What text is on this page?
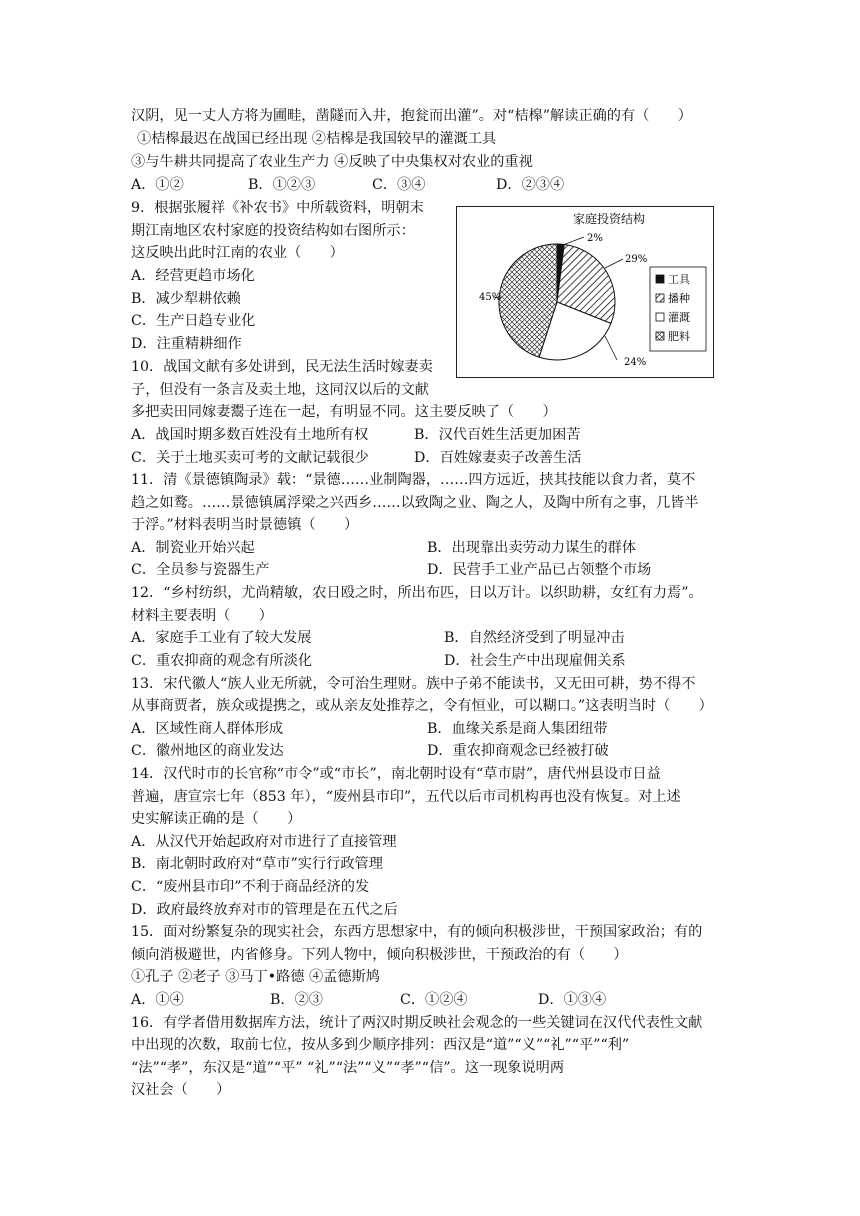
汉阴，见一丈人方将为圃畦，凿隧而入井，抱瓮而出灌”。对“桔槔”解读正确的有（　　）
①桔槔最迟在战国已经出现 ②桔槔是我国较早的灌溉工具
③与牛耕共同提高了农业生产力 ④反映了中央集权对农业的重视
A．①②	B．①②③	C．③④	D．②③④
9．根据张履祥《补农书》中所载资料，明朝末
期江南地区农村家庭的投资结构如右图所示：
这反映出此时江南的农业（　　）
A．经营更趋市场化
B．减少犁耕依赖
C．生产日趋专业化
D．注重精耕细作
家庭投资结构
2%
29%
24%
45%
工具
播种
灌溉
肥料
10．战国文献有多处讲到，民无法生活时嫁妻卖
子，但没有一条言及卖土地，这同汉以后的文献
多把卖田同嫁妻鬻子连在一起，有明显不同。这主要反映了（　　）
A．战国时期多数百姓没有土地所有权	B．汉代百姓生活更加困苦
C．关于土地买卖可考的文献记载很少	D．百姓嫁妻卖子改善生活
11．清《景德镇陶录》载：“景德……业制陶器，……四方远近，挟其技能以食力者，莫不
趋之如鹜。……景德镇属浮梁之兴西乡……以致陶之业、陶之人，及陶中所有之事，几皆半
于浮。”材料表明当时景德镇（　　）
A．制瓷业开始兴起	B．出现靠出卖劳动力谋生的群体
C．全员参与瓷器生产	D．民营手工业产品已占领整个市场
12．“乡村纺织，尤尚精敏，农日殴之时，所出布匹，日以万计。以织助耕，女红有力焉”。
材料主要表明（　　）
A．家庭手工业有了较大发展	B．自然经济受到了明显冲击
C．重农抑商的观念有所淡化	D．社会生产中出现雇佣关系
13．宋代徽人“族人业无所就，令可治生理财。族中子弟不能读书，又无田可耕，势不得不
从事商贾者，族众或提携之，或从亲友处推荐之，令有恒业，可以糊口。”这表明当时（　　）
A．区域性商人群体形成	B．血缘关系是商人集团纽带
C．徽州地区的商业发达	D．重农抑商观念已经被打破
14．汉代时市的长官称“市令”或“市长”，南北朝时设有“草市尉”，唐代州县设市日益
普遍，唐宣宗七年（853 年），“废州县市印”，五代以后市司机构再也没有恢复。对上述
史实解读正确的是（　　）
A．从汉代开始起政府对市进行了直接管理
B．南北朝时政府对“草市”实行行政管理
C．“废州县市印”不利于商品经济的发
D．政府最终放弃对市的管理是在五代之后
15．面对纷繁复杂的现实社会，东西方思想家中，有的倾向积极涉世，干预国家政治；有的
倾向消极避世，内省修身。下列人物中，倾向积极涉世，干预政治的有（　　）
①孔子 ②老子 ③马丁•路德 ④孟德斯鸠
A．①④	B．②③	C．①②④	D．①③④
16．有学者借用数据库方法，统计了两汉时期反映社会观念的一些关键词在汉代代表性文献
中出现的次数，取前七位，按从多到少顺序排列：西汉是“道”“义”“礼”“平”“利”
“法”“孝”，东汉是“道”“平” “礼”“法”“义”“孝”“信”。这一现象说明两
汉社会（　　）
